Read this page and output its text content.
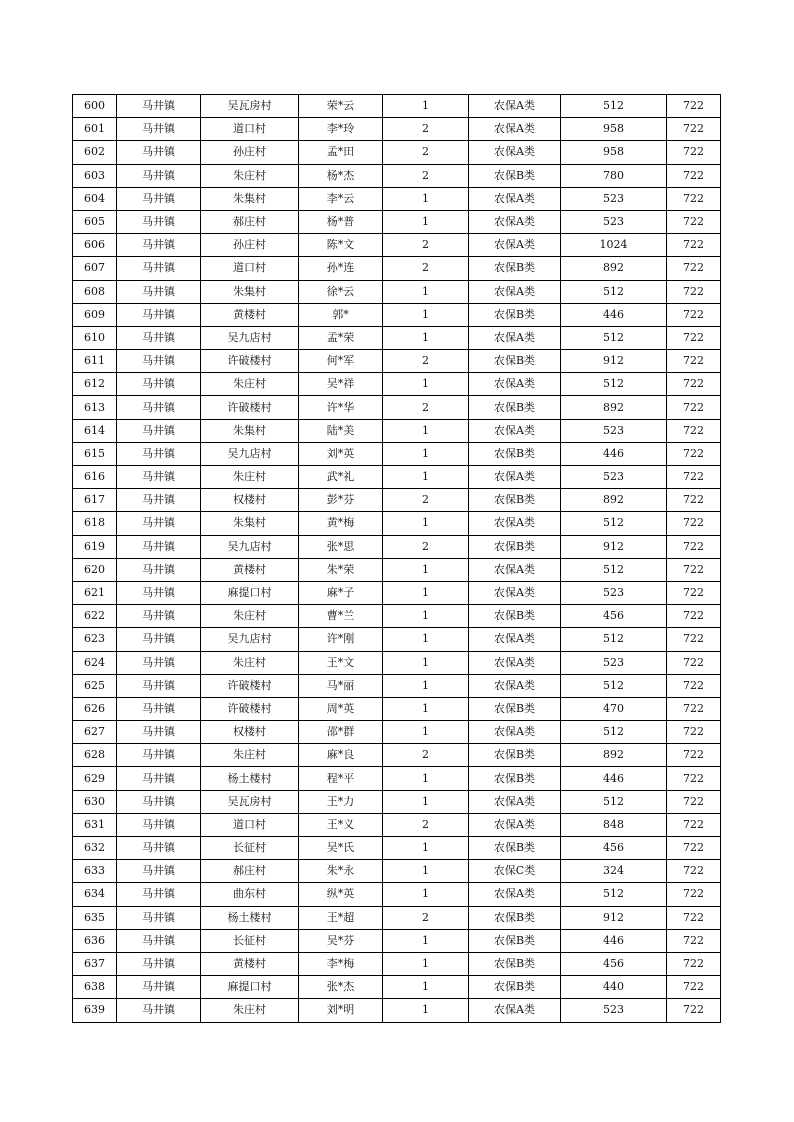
600	马井镇	吴瓦房村	荣*云	1	农保A类	512	722
601	马井镇	道口村	李*玲	2	农保A类	958	722
602	马井镇	孙庄村	孟*田	2	农保A类	958	722
603	马井镇	朱庄村	杨*杰	2	农保B类	780	722
604	马井镇	朱集村	李*云	1	农保A类	523	722
605	马井镇	郝庄村	杨*普	1	农保A类	523	722
606	马井镇	孙庄村	陈*文	2	农保A类	1024	722
607	马井镇	道口村	孙*连	2	农保B类	892	722
608	马井镇	朱集村	徐*云	1	农保A类	512	722
609	马井镇	黄楼村	郭*	1	农保B类	446	722
610	马井镇	吴九店村	孟*荣	1	农保A类	512	722
611	马井镇	许破楼村	何*军	2	农保B类	912	722
612	马井镇	朱庄村	吴*祥	1	农保A类	512	722
613	马井镇	许破楼村	许*华	2	农保B类	892	722
614	马井镇	朱集村	陆*美	1	农保A类	523	722
615	马井镇	吴九店村	刘*英	1	农保B类	446	722
616	马井镇	朱庄村	武*礼	1	农保A类	523	722
617	马井镇	权楼村	彭*芬	2	农保B类	892	722
618	马井镇	朱集村	黄*梅	1	农保A类	512	722
619	马井镇	吴九店村	张*思	2	农保B类	912	722
620	马井镇	黄楼村	朱*荣	1	农保A类	512	722
621	马井镇	麻提口村	麻*子	1	农保A类	523	722
622	马井镇	朱庄村	曹*兰	1	农保B类	456	722
623	马井镇	吴九店村	许*刚	1	农保A类	512	722
624	马井镇	朱庄村	王*文	1	农保A类	523	722
625	马井镇	许破楼村	马*丽	1	农保A类	512	722
626	马井镇	许破楼村	周*英	1	农保B类	470	722
627	马井镇	权楼村	邵*群	1	农保A类	512	722
628	马井镇	朱庄村	麻*良	2	农保B类	892	722
629	马井镇	杨土楼村	程*平	1	农保B类	446	722
630	马井镇	吴瓦房村	王*力	1	农保A类	512	722
631	马井镇	道口村	王*义	2	农保A类	848	722
632	马井镇	长征村	吴*氏	1	农保B类	456	722
633	马井镇	郝庄村	朱*永	1	农保C类	324	722
634	马井镇	曲东村	纵*英	1	农保A类	512	722
635	马井镇	杨土楼村	王*超	2	农保B类	912	722
636	马井镇	长征村	吴*芬	1	农保B类	446	722
637	马井镇	黄楼村	李*梅	1	农保B类	456	722
638	马井镇	麻提口村	张*杰	1	农保B类	440	722
639	马井镇	朱庄村	刘*明	1	农保A类	523	722
